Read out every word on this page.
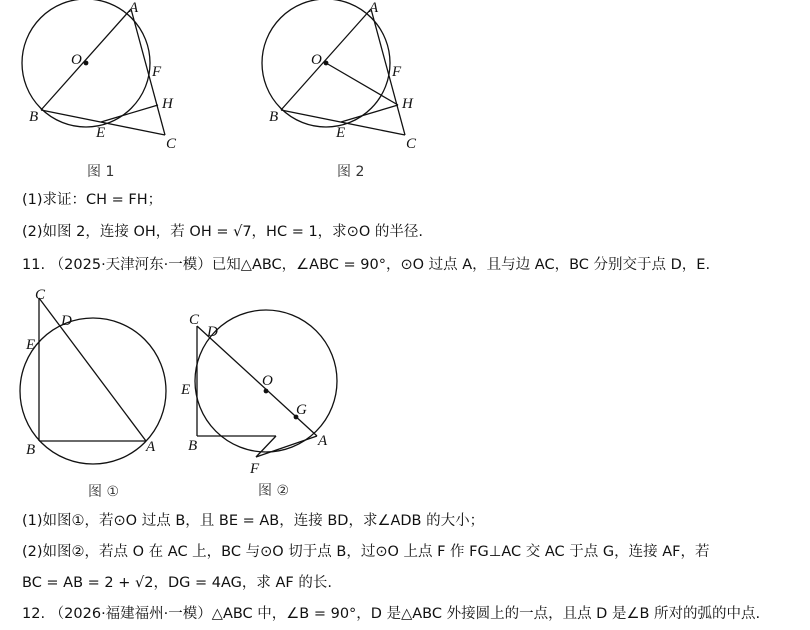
A
O
F
H
B
E
C
图 1
A
O
F
H
B
E
C
图 2
(1)求证：CH = FH；
(2)如图 2，连接 OH，若 OH = √7，HC = 1，求⊙O 的半径.
11. （2025·天津河东·一模）已知△ABC，∠ABC = 90°，⊙O 过点 A，且与边 AC，BC 分别交于点 D，E.
C
D
E
B	A
图 ①
C
D
O
E
G
B	A
F
图 ②
(1)如图①，若⊙O 过点 B，且 BE = AB，连接 BD，求∠ADB 的大小；
(2)如图②，若点 O 在 AC 上，BC 与⊙O 切于点 B，过⊙O 上点 F 作 FG⊥AC 交 AC 于点 G，连接 AF，若
BC = AB = 2 + √2，DG = 4AG，求 AF 的长.
12. （2026·福建福州·一模）△ABC 中，∠B = 90°，D 是△ABC 外接圆上的一点，且点 D 是∠B 所对的弧的中点.
